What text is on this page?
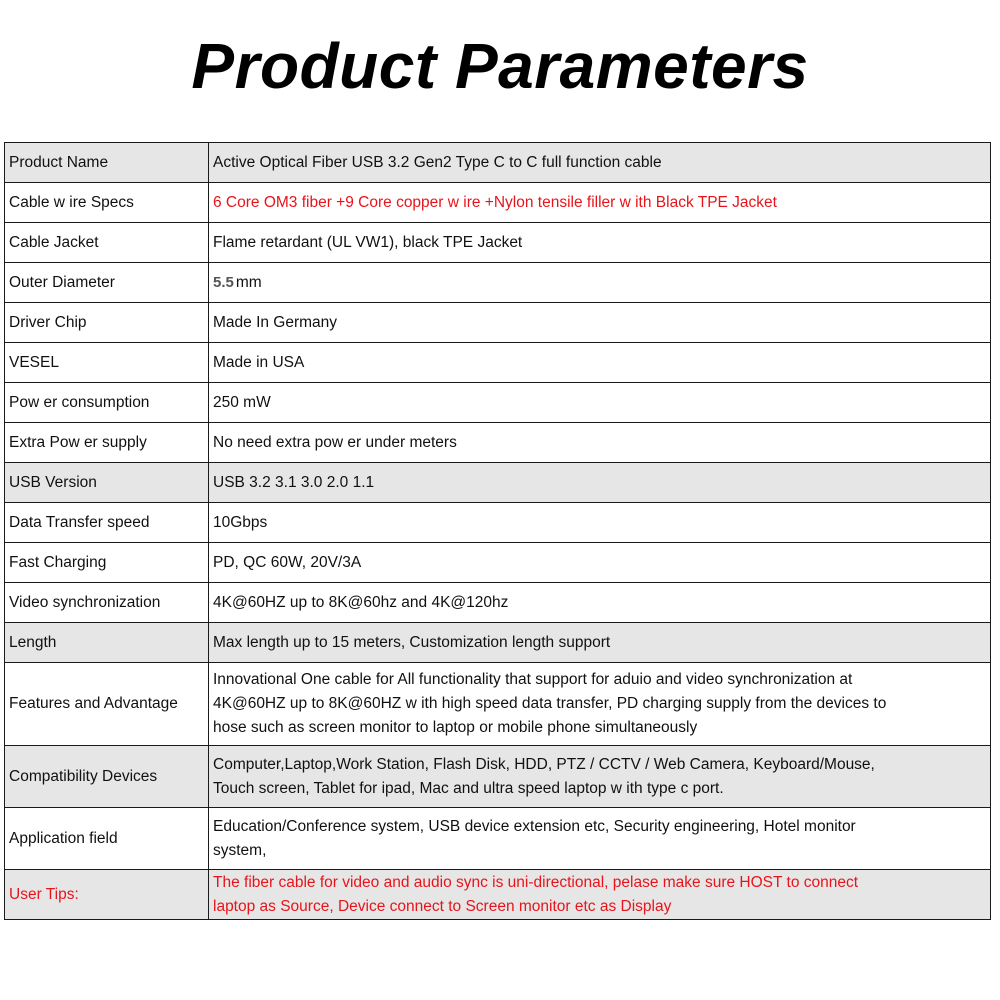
Product Parameters
Product Name	Active Optical Fiber USB 3.2 Gen2 Type C to C full function cable
Cable w ire Specs	6 Core OM3 fiber +9 Core copper w ire +Nylon tensile filler w ith Black TPE Jacket
Cable Jacket	Flame retardant (UL VW1), black TPE Jacket
Outer Diameter	5.5 mm
Driver Chip	Made In Germany
VESEL	Made in USA
Pow er consumption	250 mW
Extra Pow er supply	No need extra pow er under meters
USB Version	USB 3.2 3.1 3.0 2.0 1.1
Data Transfer speed	10Gbps
Fast Charging	PD, QC 60W, 20V/3A
Video synchronization	4K@60HZ up to 8K@60hz and 4K@120hz
Length	Max length up to 15 meters, Customization length support
Features and Advantage	Innovational One cable for All functionality that support for aduio and video synchronization at
4K@60HZ up to 8K@60HZ w ith high speed data transfer, PD charging supply from the devices to
hose such as screen monitor to laptop or mobile phone simultaneously

Compatibility Devices	Computer,Laptop,Work Station, Flash Disk, HDD, PTZ / CCTV / Web Camera, Keyboard/Mouse,
Touch screen, Tablet for ipad, Mac and ultra speed laptop w ith type c port.

Application field	Education/Conference system, USB device extension etc, Security engineering, Hotel monitor
system,

User Tips:	The fiber cable for video and audio sync is uni-directional, pelase make sure HOST to connect
laptop as Source, Device connect to Screen monitor etc as Display
